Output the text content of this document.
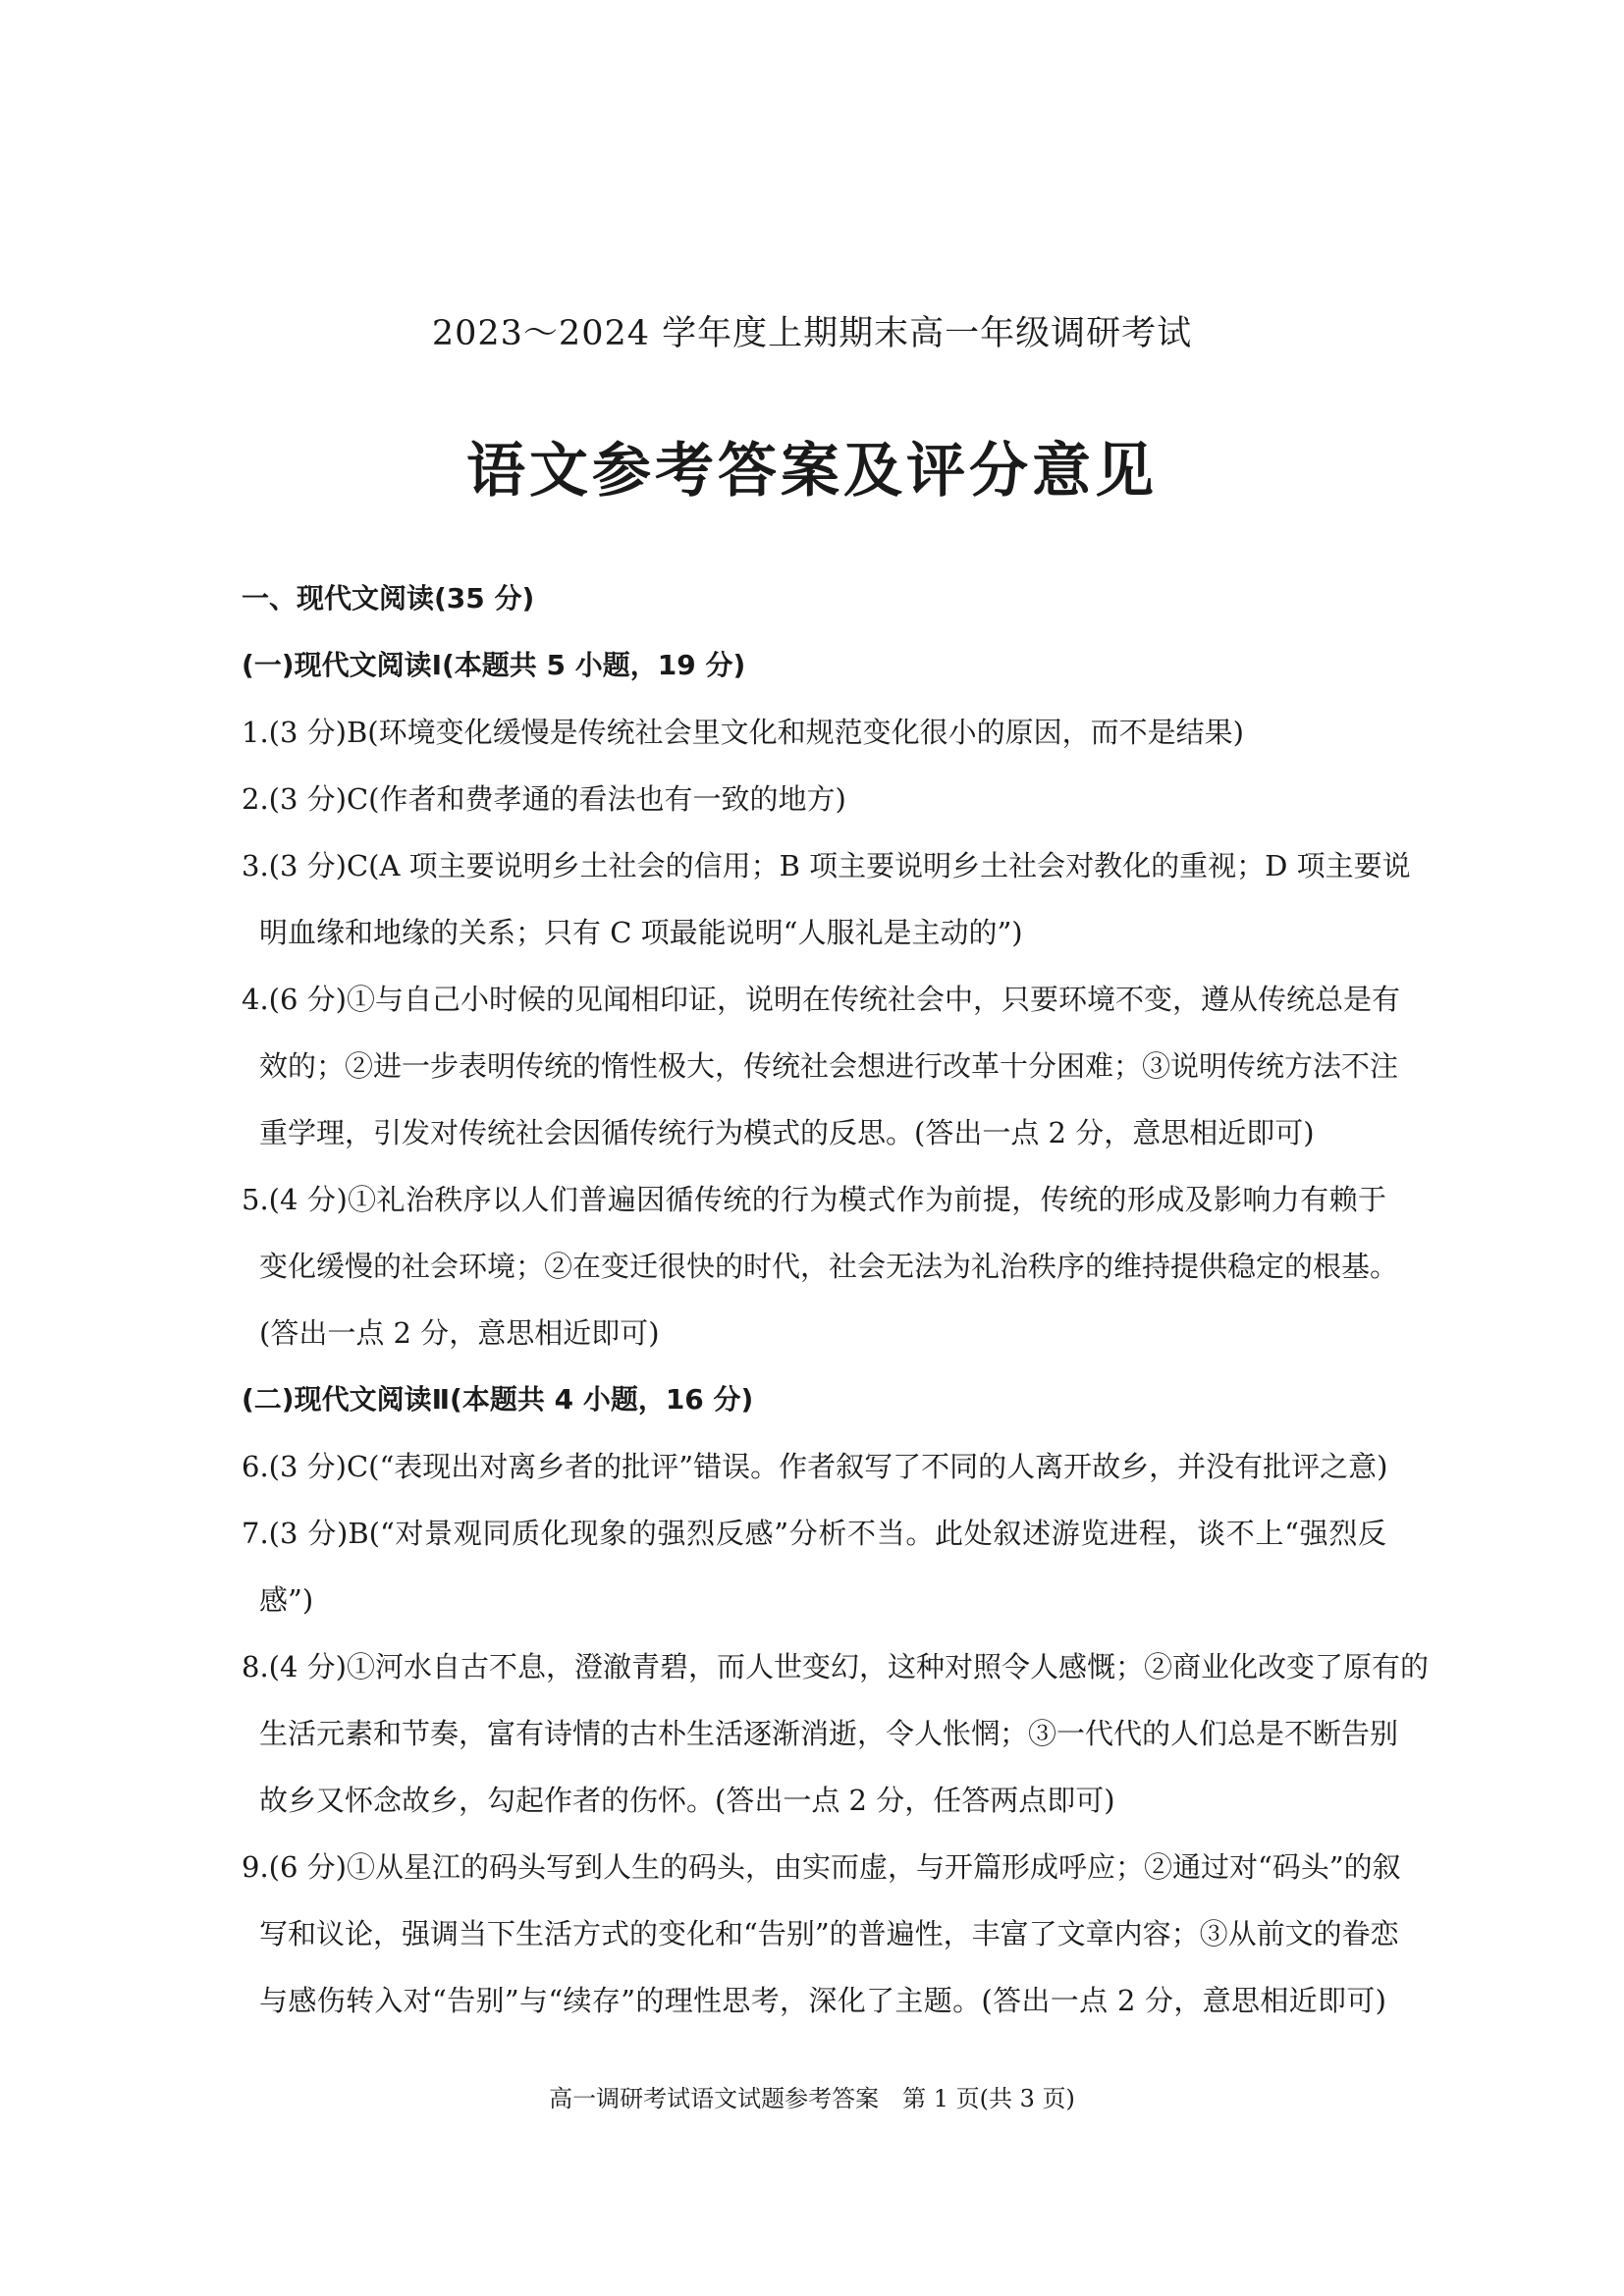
2023～2024 学年度上期期末高一年级调研考试
语文参考答案及评分意见
一、现代文阅读(35 分)
(一)现代文阅读Ⅰ(本题共 5 小题，19 分)
1.(3 分)B(环境变化缓慢是传统社会里文化和规范变化很小的原因，而不是结果)
2.(3 分)C(作者和费孝通的看法也有一致的地方)
3.(3 分)C(A 项主要说明乡土社会的信用；B 项主要说明乡土社会对教化的重视；D 项主要说
明血缘和地缘的关系；只有 C 项最能说明“人服礼是主动的”)
4.(6 分)①与自己小时候的见闻相印证，说明在传统社会中，只要环境不变，遵从传统总是有
效的；②进一步表明传统的惰性极大，传统社会想进行改革十分困难；③说明传统方法不注
重学理，引发对传统社会因循传统行为模式的反思。(答出一点 2 分，意思相近即可)
5.(4 分)①礼治秩序以人们普遍因循传统的行为模式作为前提，传统的形成及影响力有赖于
变化缓慢的社会环境；②在变迁很快的时代，社会无法为礼治秩序的维持提供稳定的根基。
(答出一点 2 分，意思相近即可)
(二)现代文阅读Ⅱ(本题共 4 小题，16 分)
6.(3 分)C(“表现出对离乡者的批评”错误。作者叙写了不同的人离开故乡，并没有批评之意)
7.(3 分)B(“对景观同质化现象的强烈反感”分析不当。此处叙述游览进程，谈不上“强烈反
感”)
8.(4 分)①河水自古不息，澄澈青碧，而人世变幻，这种对照令人感慨；②商业化改变了原有的
生活元素和节奏，富有诗情的古朴生活逐渐消逝，令人怅惘；③一代代的人们总是不断告别
故乡又怀念故乡，勾起作者的伤怀。(答出一点 2 分，任答两点即可)
9.(6 分)①从星江的码头写到人生的码头，由实而虚，与开篇形成呼应；②通过对“码头”的叙
写和议论，强调当下生活方式的变化和“告别”的普遍性，丰富了文章内容；③从前文的眷恋
与感伤转入对“告别”与“续存”的理性思考，深化了主题。(答出一点 2 分，意思相近即可)
高一调研考试语文试题参考答案　第 1 页(共 3 页)
